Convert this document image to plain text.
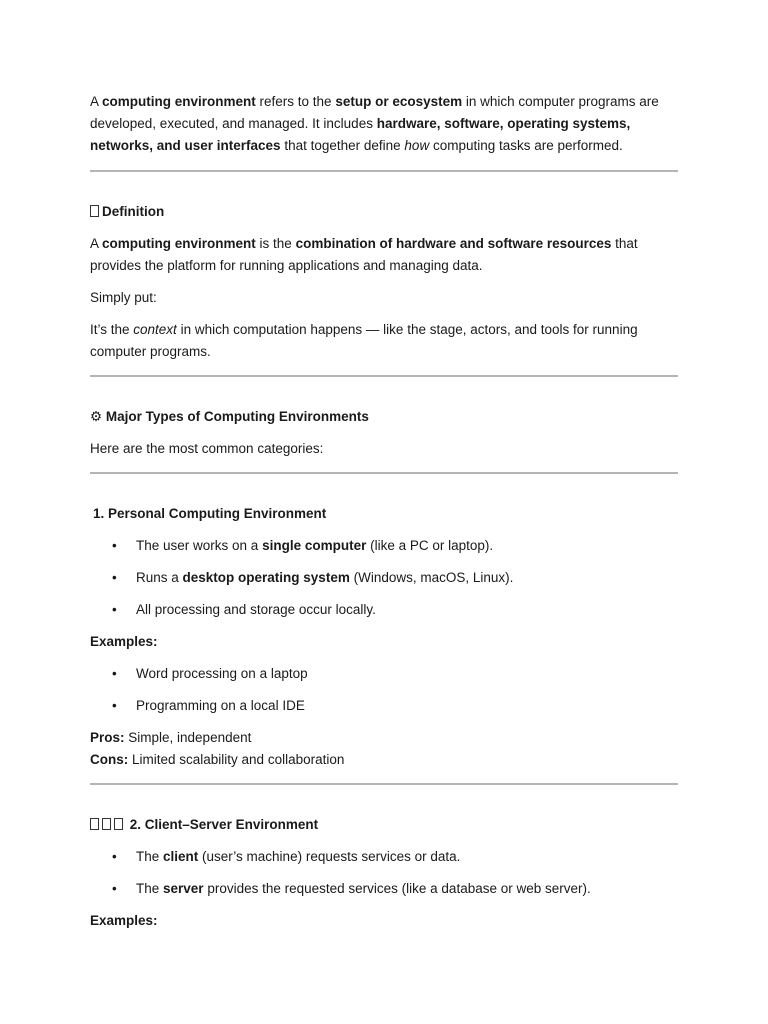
A computing environment refers to the setup or ecosystem in which computer programs are developed, executed, and managed. It includes hardware, software, operating systems, networks, and user interfaces that together define how computing tasks are performed.

Definition

A computing environment is the combination of hardware and software resources that provides the platform for running applications and managing data.

Simply put:

It’s the context in which computation happens — like the stage, actors, and tools for running computer programs.

⚙ Major Types of Computing Environments

Here are the most common categories:

1. Personal Computing Environment
• The user works on a single computer (like a PC or laptop).
• Runs a desktop operating system (Windows, macOS, Linux).
• All processing and storage occur locally.

Examples:

• Word processing on a laptop
• Programming on a local IDE

Pros: Simple, independent
Cons: Limited scalability and collaboration

2. Client–Server Environment
• The client (user’s machine) requests services or data.
• The server provides the requested services (like a database or web server).

Examples:
